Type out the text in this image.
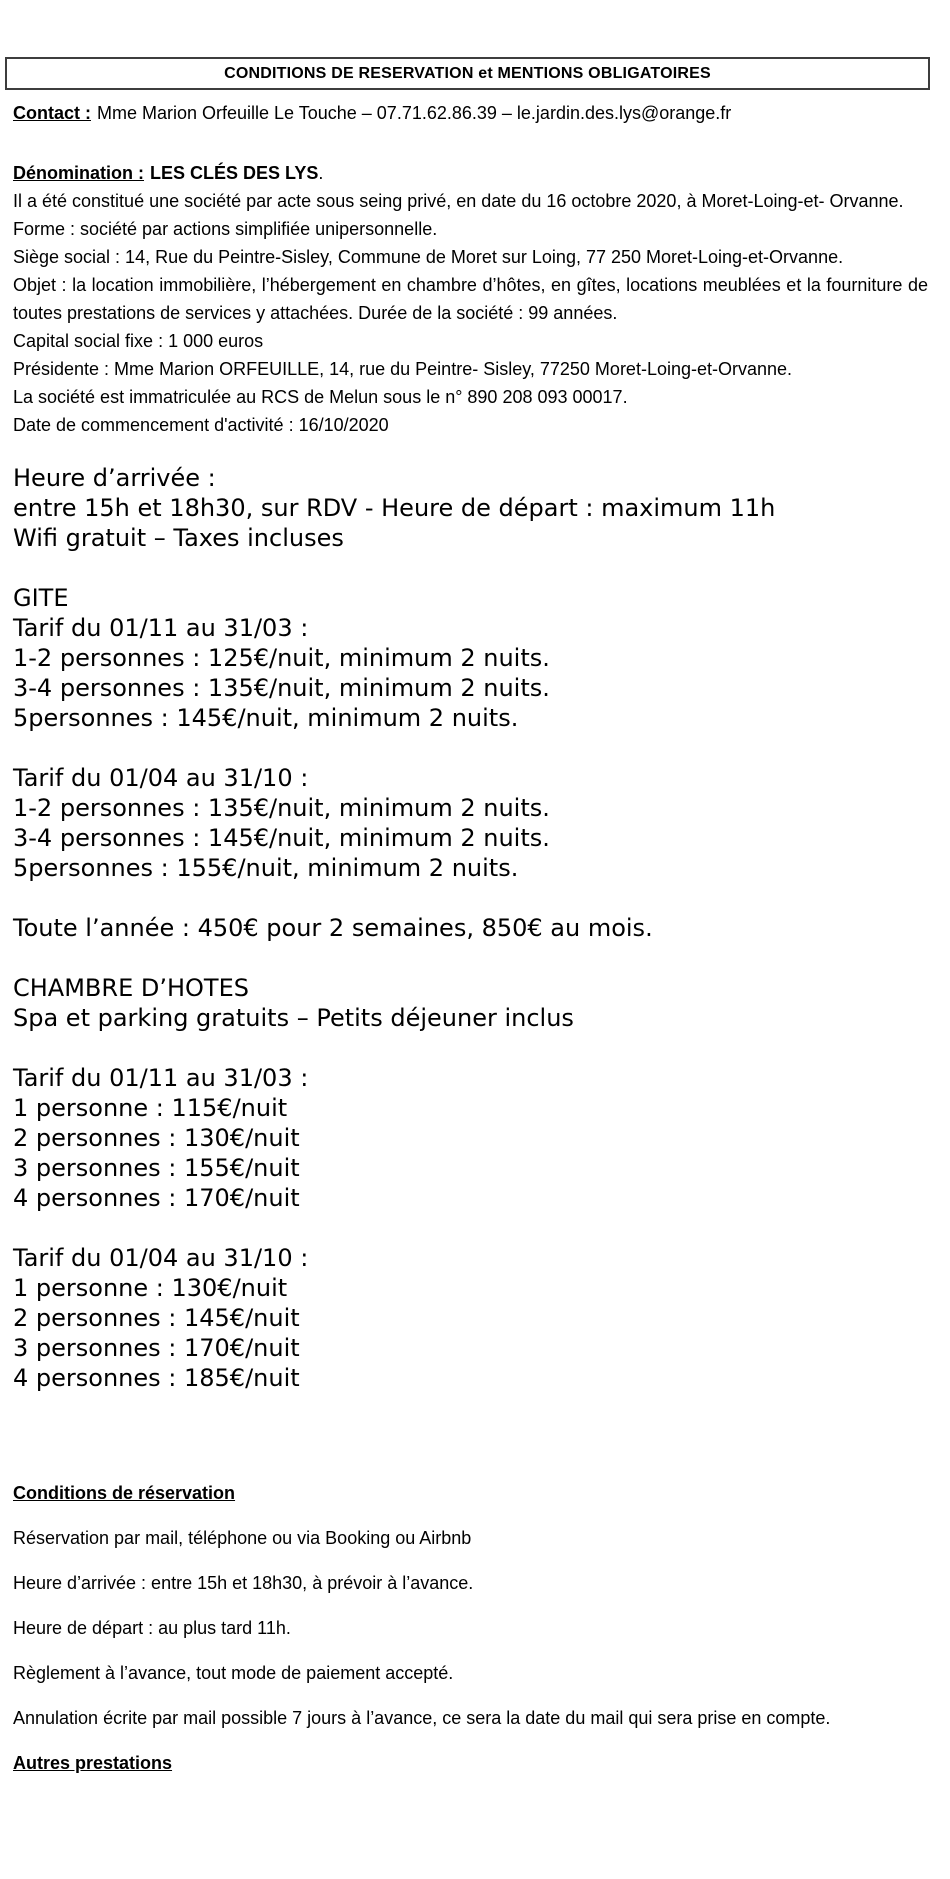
CONDITIONS DE RESERVATION et MENTIONS OBLIGATOIRES

Contact : Mme Marion Orfeuille Le Touche – 07.71.62.86.39 – le.jardin.des.lys@orange.fr

Dénomination : LES CLÉS DES LYS.

Il a été constitué une société par acte sous seing privé, en date du 16 octobre 2020, à Moret-Loing-et- Orvanne.

Forme : société par actions simplifiée unipersonnelle.

Siège social : 14, Rue du Peintre-Sisley, Commune de Moret sur Loing, 77 250 Moret-Loing-et-Orvanne.

Objet : la location immobilière, l’hébergement en chambre d’hôtes, en gîtes, locations meublées et la fourniture de toutes prestations de services y attachées. Durée de la société : 99 années.

Capital social fixe : 1 000 euros

Présidente : Mme Marion ORFEUILLE, 14, rue du Peintre- Sisley, 77250 Moret-Loing-et-Orvanne.

La société est immatriculée au RCS de Melun sous le n° 890 208 093 00017.

Date de commencement d'activité : 16/10/2020

Heure d’arrivée :

entre 15h et 18h30, sur RDV - Heure de départ : maximum 11h

Wifi gratuit – Taxes incluses

GITE

Tarif du 01/11 au 31/03 :

1-2 personnes : 125€/nuit, minimum 2 nuits.

3-4 personnes : 135€/nuit, minimum 2 nuits.

5personnes : 145€/nuit, minimum 2 nuits.

Tarif du 01/04 au 31/10 :

1-2 personnes : 135€/nuit, minimum 2 nuits.

3-4 personnes : 145€/nuit, minimum 2 nuits.

5personnes : 155€/nuit, minimum 2 nuits.

Toute l’année : 450€ pour 2 semaines, 850€ au mois.

CHAMBRE D’HOTES

Spa et parking gratuits – Petits déjeuner inclus

Tarif du 01/11 au 31/03 :

1 personne : 115€/nuit

2 personnes : 130€/nuit

3 personnes : 155€/nuit

4 personnes : 170€/nuit

Tarif du 01/04 au 31/10 :

1 personne : 130€/nuit

2 personnes : 145€/nuit

3 personnes : 170€/nuit

4 personnes : 185€/nuit

Conditions de réservation

Réservation par mail, téléphone ou via Booking ou Airbnb

Heure d’arrivée : entre 15h et 18h30, à prévoir à l’avance.

Heure de départ : au plus tard 11h.

Règlement à l’avance, tout mode de paiement accepté.

Annulation écrite par mail possible 7 jours à l’avance, ce sera la date du mail qui sera prise en compte.

Autres prestations
